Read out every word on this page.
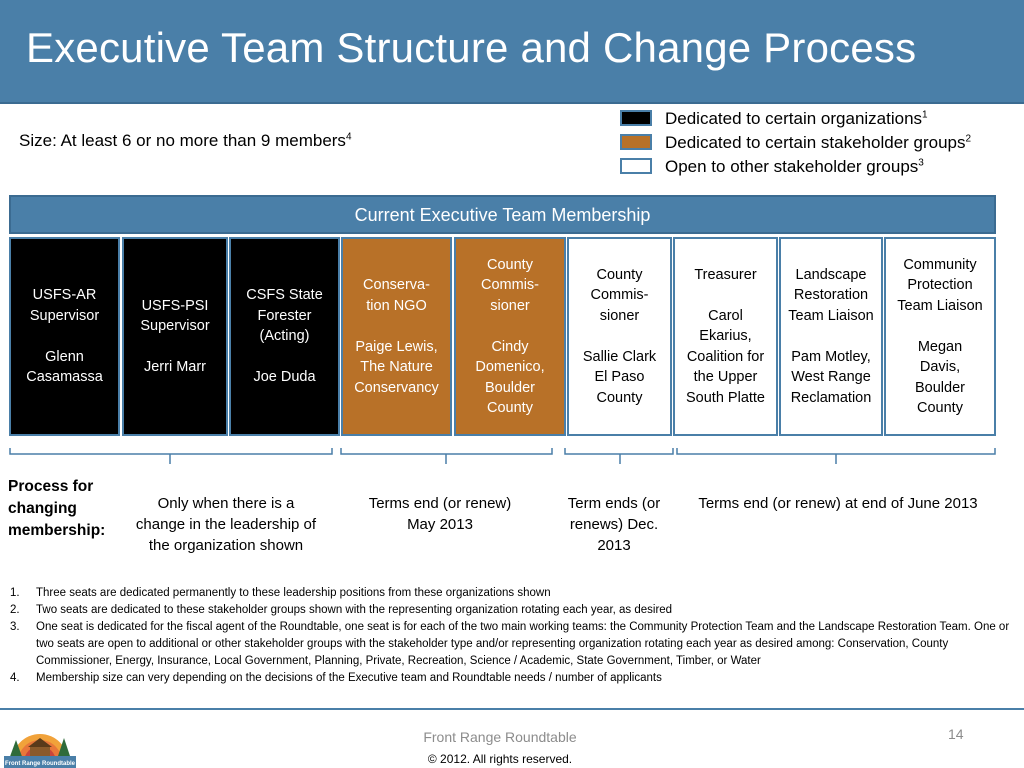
Executive Team Structure and Change Process
Size: At least 6 or no more than 9 members$^4$
Dedicated to certain organizations$^1$
Dedicated to certain stakeholder groups$^2$
Open to other stakeholder groups$^3$
Current Executive Team Membership
USFS-AR
Supervisor

Glenn
Casamassa
USFS-PSI
Supervisor

Jerri Marr
CSFS State
Forester
(Acting)

Joe Duda
Conserva-
tion NGO

Paige Lewis,
The Nature
Conservancy
County
Commis-
sioner

Cindy
Domenico,
Boulder
County
County
Commis-
sioner

Sallie Clark
El Paso
County
Treasurer

Carol
Ekarius,
Coalition for
the Upper
South Platte
Landscape
Restoration
Team Liaison

Pam Motley,
West Range
Reclamation
Community
Protection
Team Liaison

Megan
Davis,
Boulder
County
Process for
changing
membership:
Only when there is a
change in the leadership of
the organization shown
Terms end (or renew)
May 2013
Term ends (or
renews) Dec.
2013
Terms end (or renew) at end of June 2013
1. Three seats are dedicated permanently to these leadership positions from these organizations shown
2. Two seats are dedicated to these stakeholder groups shown with the representing organization rotating each year, as desired
3. One seat is dedicated for the fiscal agent of the Roundtable, one seat is for each of the two main working teams: the Community Protection Team and the Landscape Restoration Team. One or two seats are open to additional or other stakeholder groups with the stakeholder type and/or representing organization rotating each year as desired among: Conservation, County Commissioner, Energy, Insurance, Local Government, Planning, Private, Recreation, Science / Academic, State Government, Timber, or Water
4. Membership size can very depending on the decisions of the Executive team and Roundtable needs / number of applicants
Front Range Roundtable
Front Range Roundtable
© 2012. All rights reserved.
14
